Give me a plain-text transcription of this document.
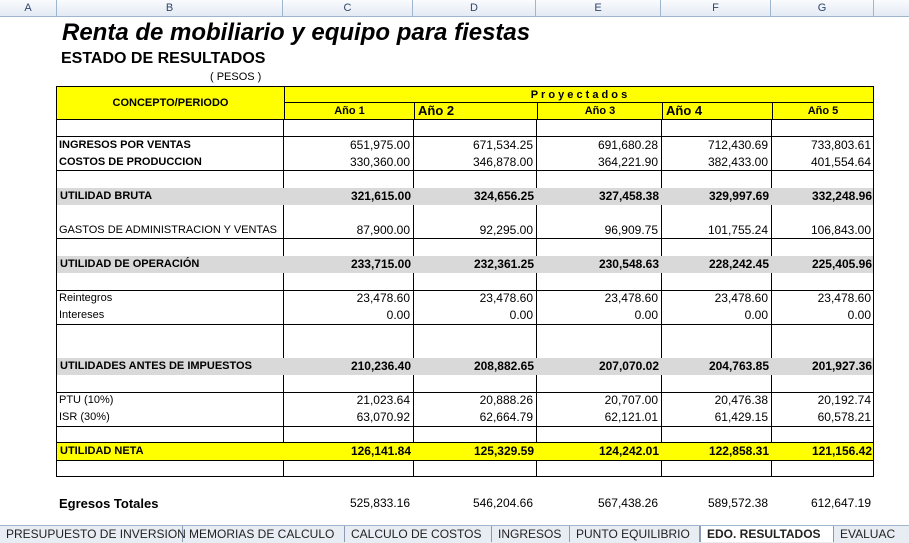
A	B	C	D	E	F	G
Renta de mobiliario y equipo para fiestas
ESTADO DE RESULTADOS
( PESOS )
CONCEPTO/PERIODO
P r o y e c t a d o s
Año 1	Año 2	Año 3	Año 4	Año 5
INGRESOS POR VENTAS	651,975.00	671,534.25	691,680.28	712,430.69	733,803.61
COSTOS DE PRODUCCION	330,360.00	346,878.00	364,221.90	382,433.00	401,554.64
UTILIDAD BRUTA	321,615.00	324,656.25	327,458.38	329,997.69	332,248.96
GASTOS DE ADMINISTRACION Y VENTAS	87,900.00	92,295.00	96,909.75	101,755.24	106,843.00
UTILIDAD DE OPERACIÓN	233,715.00	232,361.25	230,548.63	228,242.45	225,405.96
Reintegros	23,478.60	23,478.60	23,478.60	23,478.60	23,478.60
Intereses	0.00	0.00	0.00	0.00	0.00
UTILIDADES ANTES DE IMPUESTOS	210,236.40	208,882.65	207,070.02	204,763.85	201,927.36
PTU (10%)	21,023.64	20,888.26	20,707.00	20,476.38	20,192.74
ISR (30%)	63,070.92	62,664.79	62,121.01	61,429.15	60,578.21
UTILIDAD NETA	126,141.84	125,329.59	124,242.01	122,858.31	121,156.42
Egresos Totales	525,833.16	546,204.66	567,438.26	589,572.38	612,647.19
PRESUPUESTO DE INVERSION MEMORIAS DE CALCULO	CALCULO DE COSTOS	INGRESOS	PUNTO EQUILIBRIO	EDO. RESULTADOS	EVALUAC
